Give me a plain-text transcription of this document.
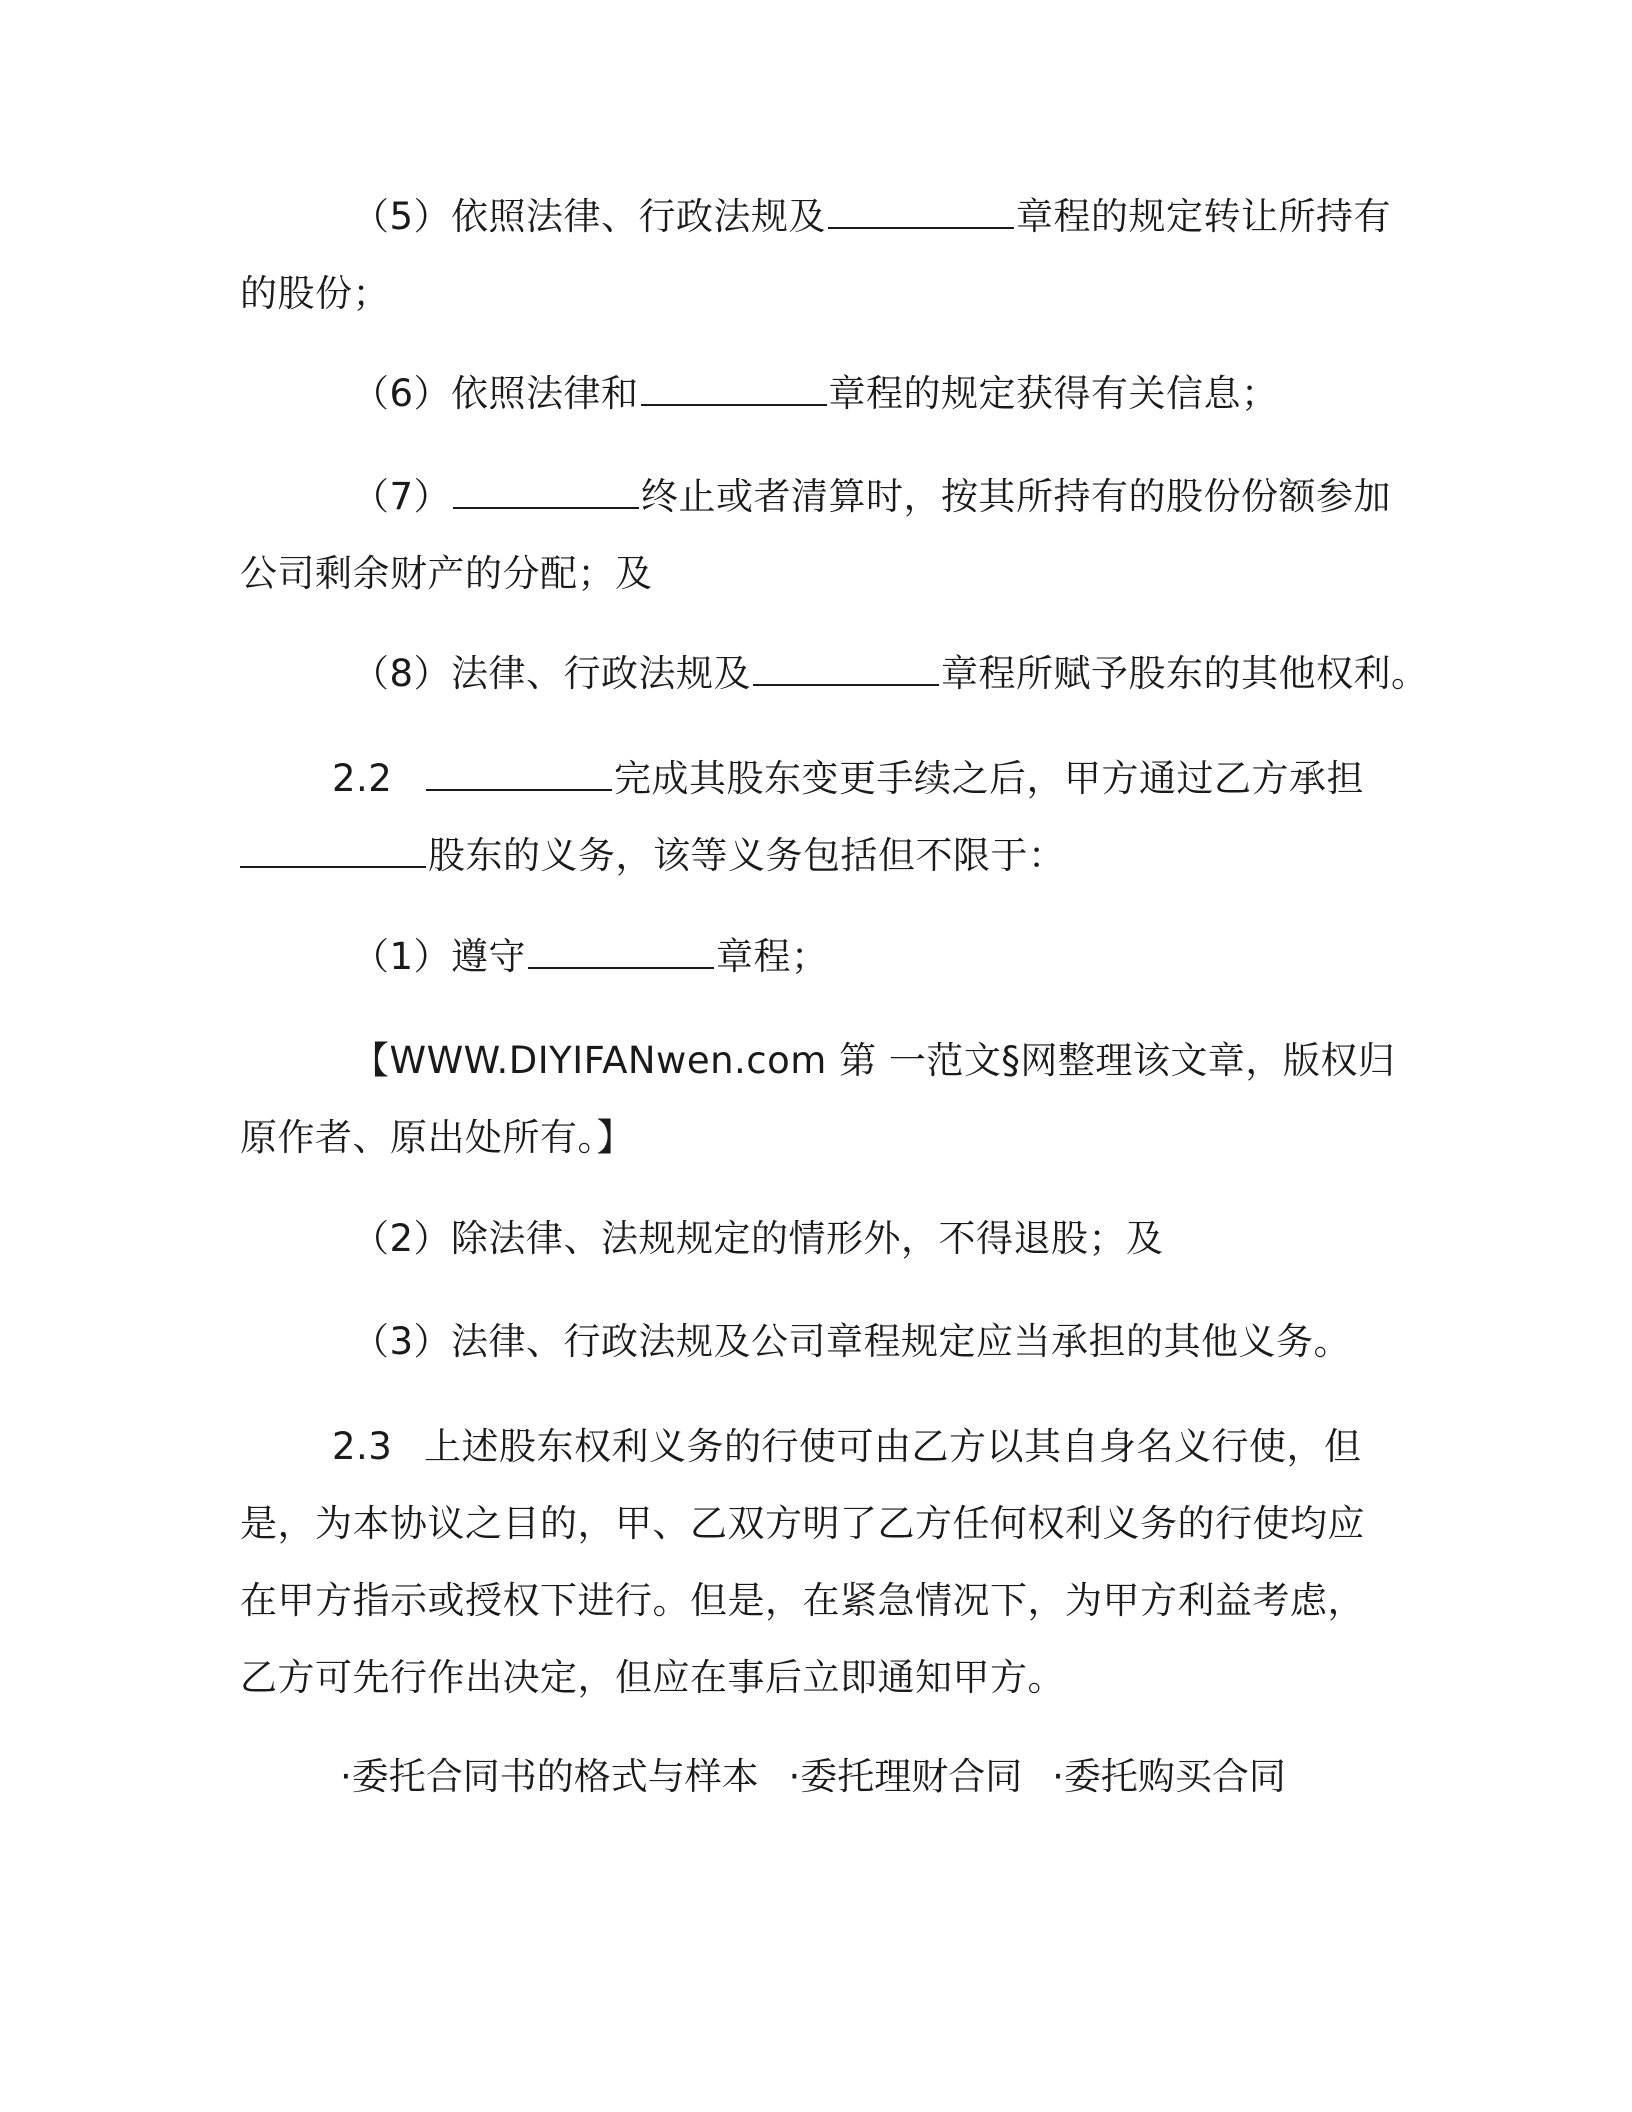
（5）依照法律、行政法规及	章程的规定转让所持有
的股份；
（6）依照法律和	章程的规定获得有关信息；
（7）	终止或者清算时，按其所持有的股份份额参加
公司剩余财产的分配；及
（8）法律、行政法规及	章程所赋予股东的其他权利。
2.2	完成其股东变更手续之后，甲方通过乙方承担
股东的义务，该等义务包括但不限于：
（1）遵守	章程；
【WWW.DIYIFANwen.com 第 一范文§网整理该文章，版权归
原作者、原出处所有。】
（2）除法律、法规规定的情形外，不得退股；及
（3）法律、行政法规及公司章程规定应当承担的其他义务。
2.3 上述股东权利义务的行使可由乙方以其自身名义行使，但
是，为本协议之目的，甲、乙双方明了乙方任何权利义务的行使均应
在甲方指示或授权下进行。但是，在紧急情况下，为甲方利益考虑，
乙方可先行作出决定，但应在事后立即通知甲方。
·委托合同书的格式与样本 ·委托理财合同 ·委托购买合同
